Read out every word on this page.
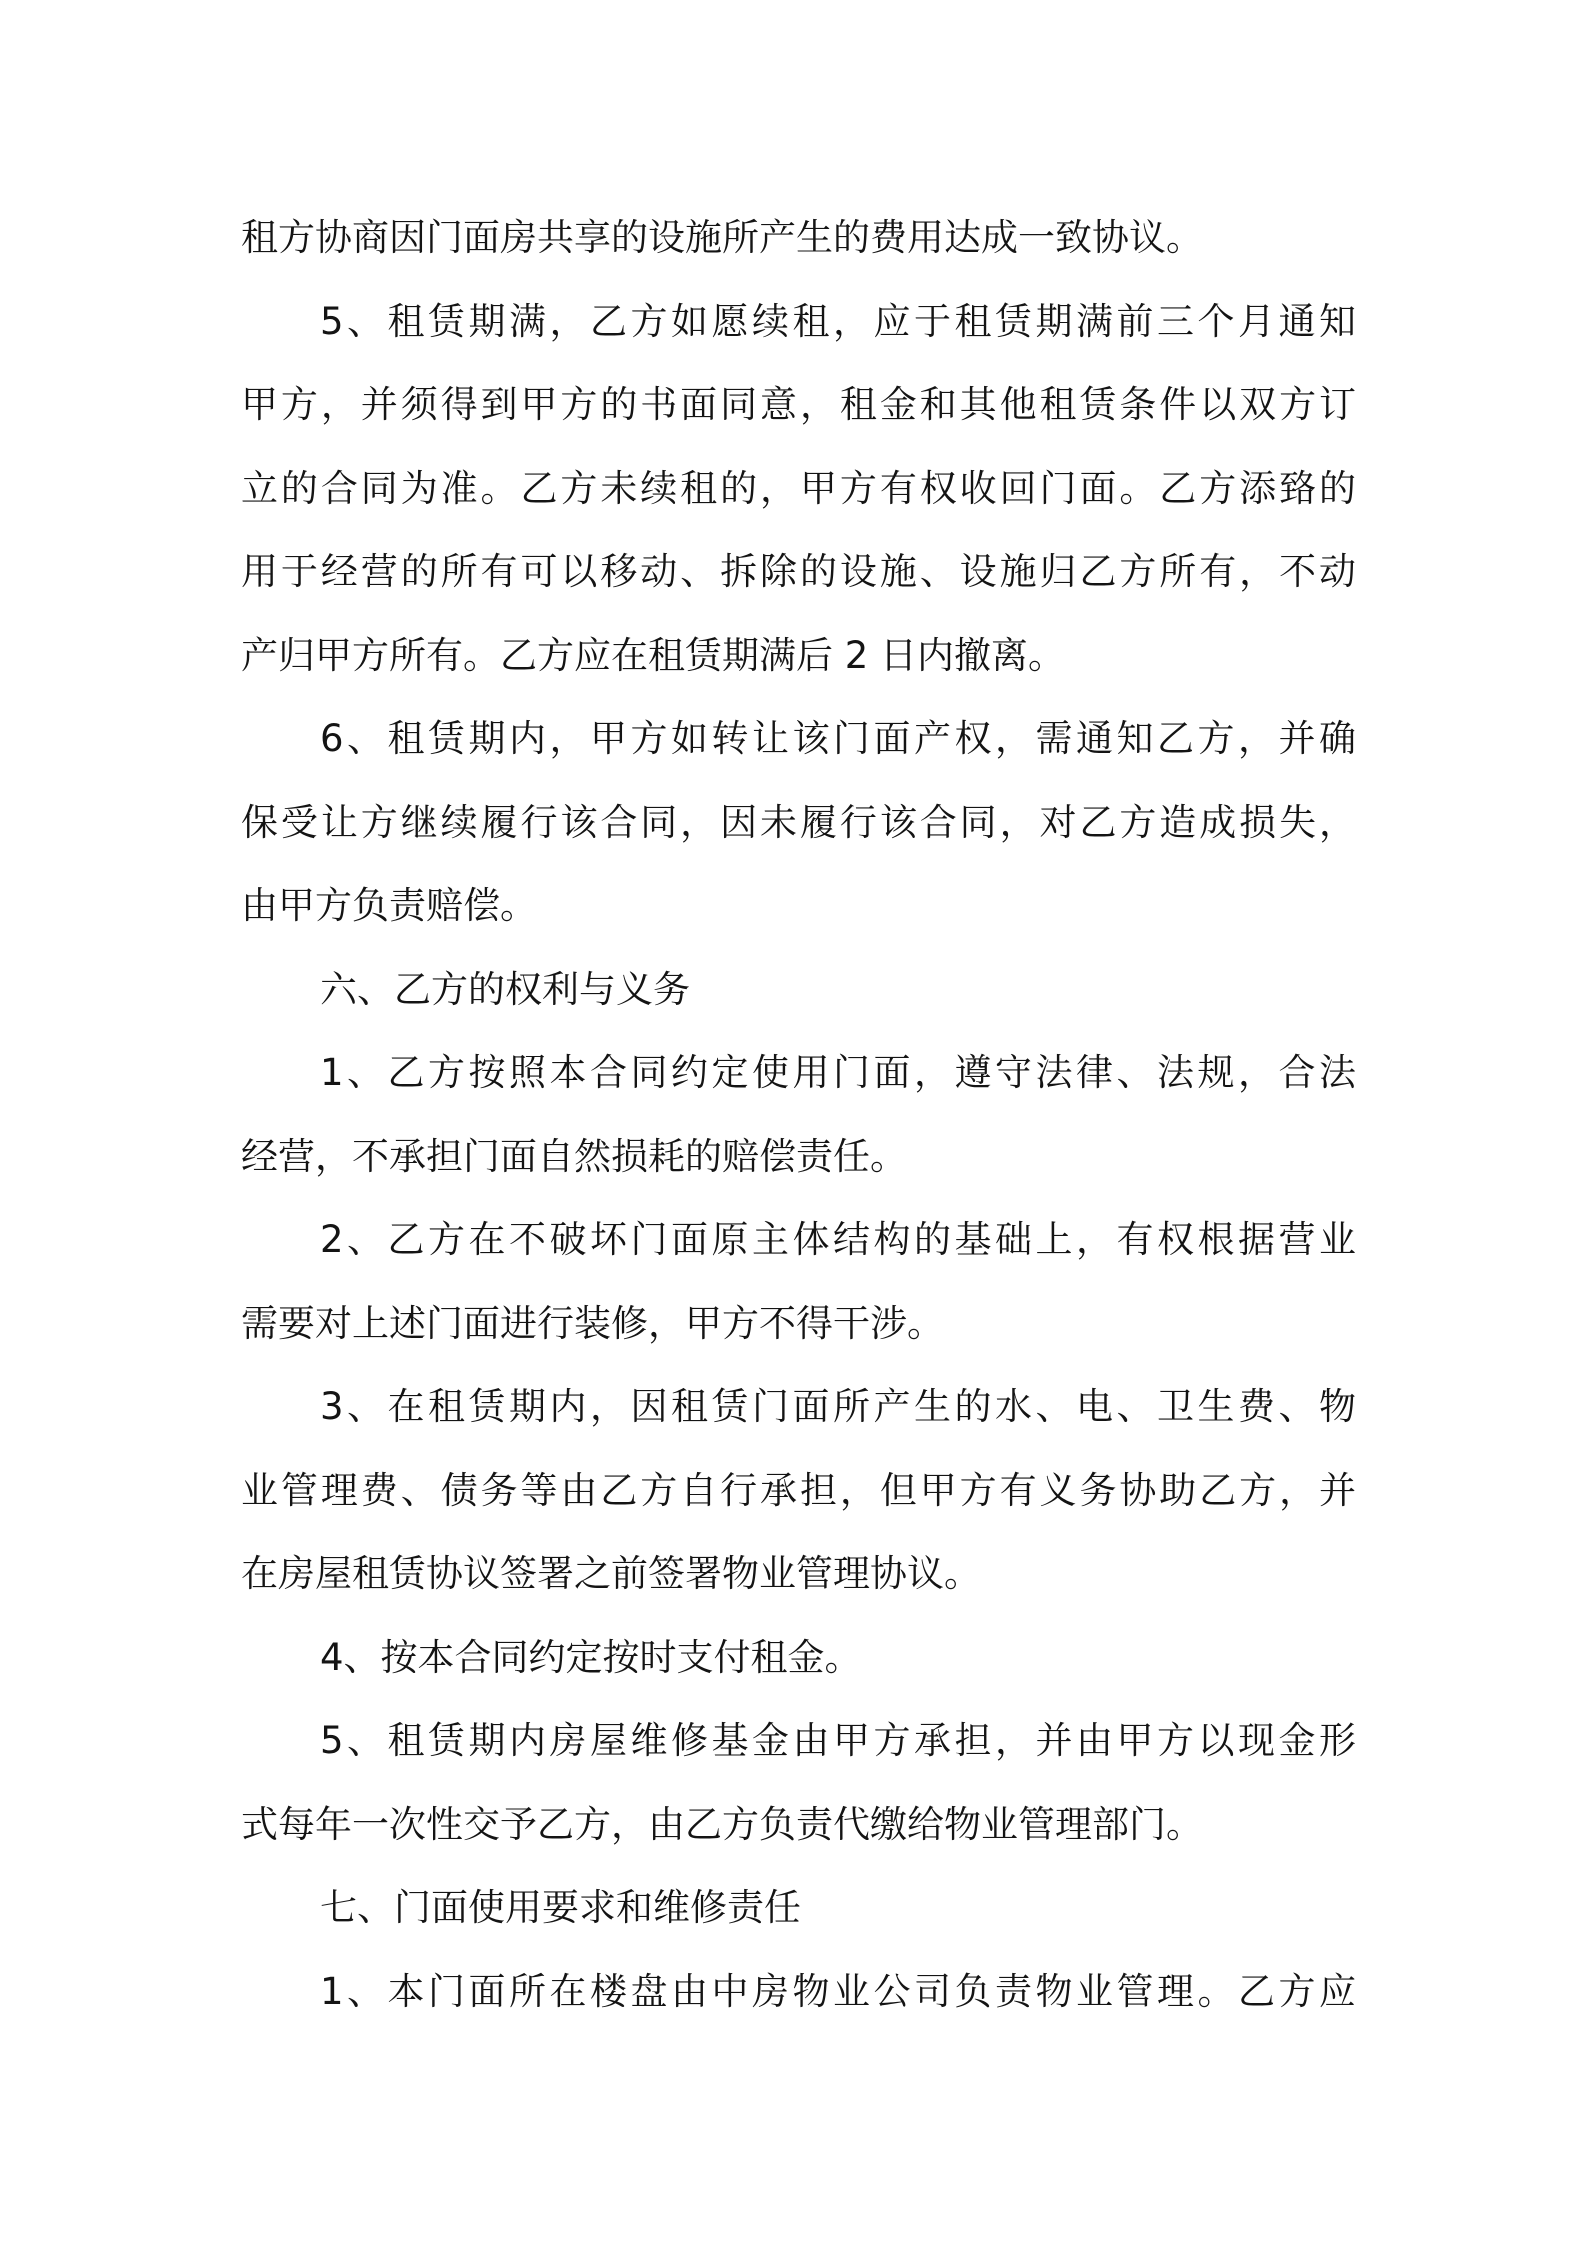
租方协商因门面房共享的设施所产生的费用达成一致协议。

5、租赁期满，乙方如愿续租，应于租赁期满前三个月通知
甲方，并须得到甲方的书面同意，租金和其他租赁条件以双方订
立的合同为准。乙方未续租的，甲方有权收回门面。乙方添臵的
用于经营的所有可以移动、拆除的设施、设施归乙方所有，不动
产归甲方所有。乙方应在租赁期满后 2 日内撤离。

6、租赁期内，甲方如转让该门面产权，需通知乙方，并确
保受让方继续履行该合同，因未履行该合同，对乙方造成损失，
由甲方负责赔偿。

六、乙方的权利与义务

1、乙方按照本合同约定使用门面，遵守法律、法规，合法
经营，不承担门面自然损耗的赔偿责任。

2、乙方在不破坏门面原主体结构的基础上，有权根据营业
需要对上述门面进行装修，甲方不得干涉。

3、在租赁期内，因租赁门面所产生的水、电、卫生费、物
业管理费、债务等由乙方自行承担，但甲方有义务协助乙方，并
在房屋租赁协议签署之前签署物业管理协议。

4、按本合同约定按时支付租金。

5、租赁期内房屋维修基金由甲方承担，并由甲方以现金形
式每年一次性交予乙方，由乙方负责代缴给物业管理部门。

七、门面使用要求和维修责任

1、本门面所在楼盘由中房物业公司负责物业管理。乙方应
